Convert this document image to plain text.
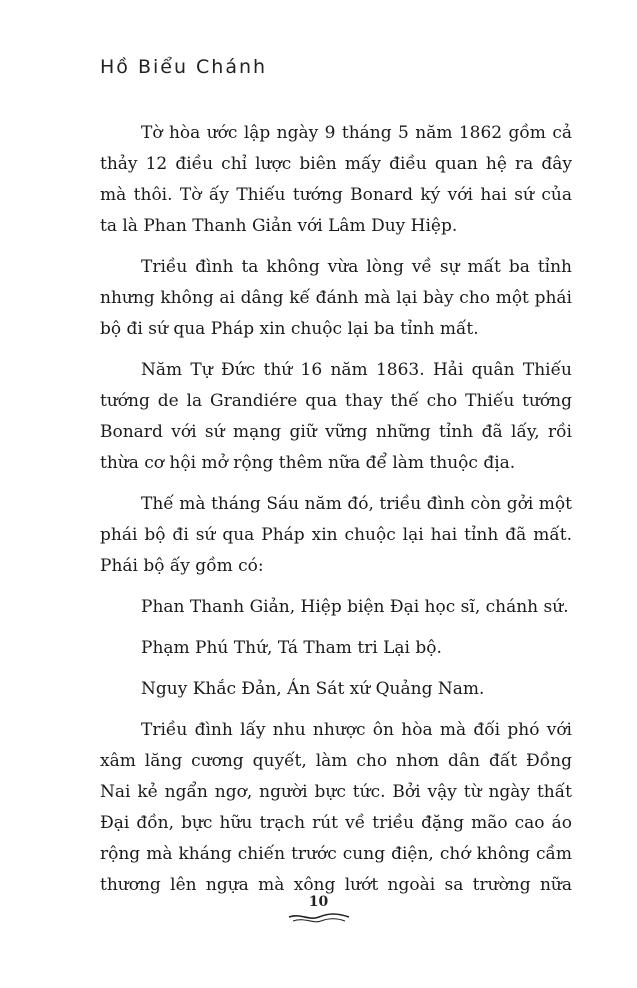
Hồ Biểu Chánh

Tờ hòa ước lập ngày 9 tháng 5 năm 1862 gồm cả thảy 12 điều chỉ lược biên mấy điều quan hệ ra đây mà thôi. Tờ ấy Thiếu tướng Bonard ký với hai sứ của ta là Phan Thanh Giản với Lâm Duy Hiệp.

Triều đình ta không vừa lòng về sự mất ba tỉnh nhưng không ai dâng kế đánh mà lại bày cho một phái bộ đi sứ qua Pháp xin chuộc lại ba tỉnh mất.

Năm Tự Đức thứ 16 năm 1863. Hải quân Thiếu tướng de la Grandiére qua thay thế cho Thiếu tướng Bonard với sứ mạng giữ vững những tỉnh đã lấy, rồi thừa cơ hội mở rộng thêm nữa để làm thuộc địa.

Thế mà tháng Sáu năm đó, triều đình còn gởi một phái bộ đi sứ qua Pháp xin chuộc lại hai tỉnh đã mất. Phái bộ ấy gồm có:

Phan Thanh Giản, Hiệp biện Đại học sĩ, chánh sứ.

Phạm Phú Thứ, Tá Tham tri Lại bộ.

Nguy Khắc Đản, Án Sát xứ Quảng Nam.

Triều đình lấy nhu nhược ôn hòa mà đối phó với xâm lăng cương quyết, làm cho nhơn dân đất Đồng Nai kẻ ngẩn ngơ, người bực tức. Bởi vậy từ ngày thất Đại đồn, bực hữu trạch rút về triều đặng mão cao áo rộng mà kháng chiến trước cung điện, chớ không cầm thương lên ngựa mà xông lướt ngoài sa trường nữa

10
